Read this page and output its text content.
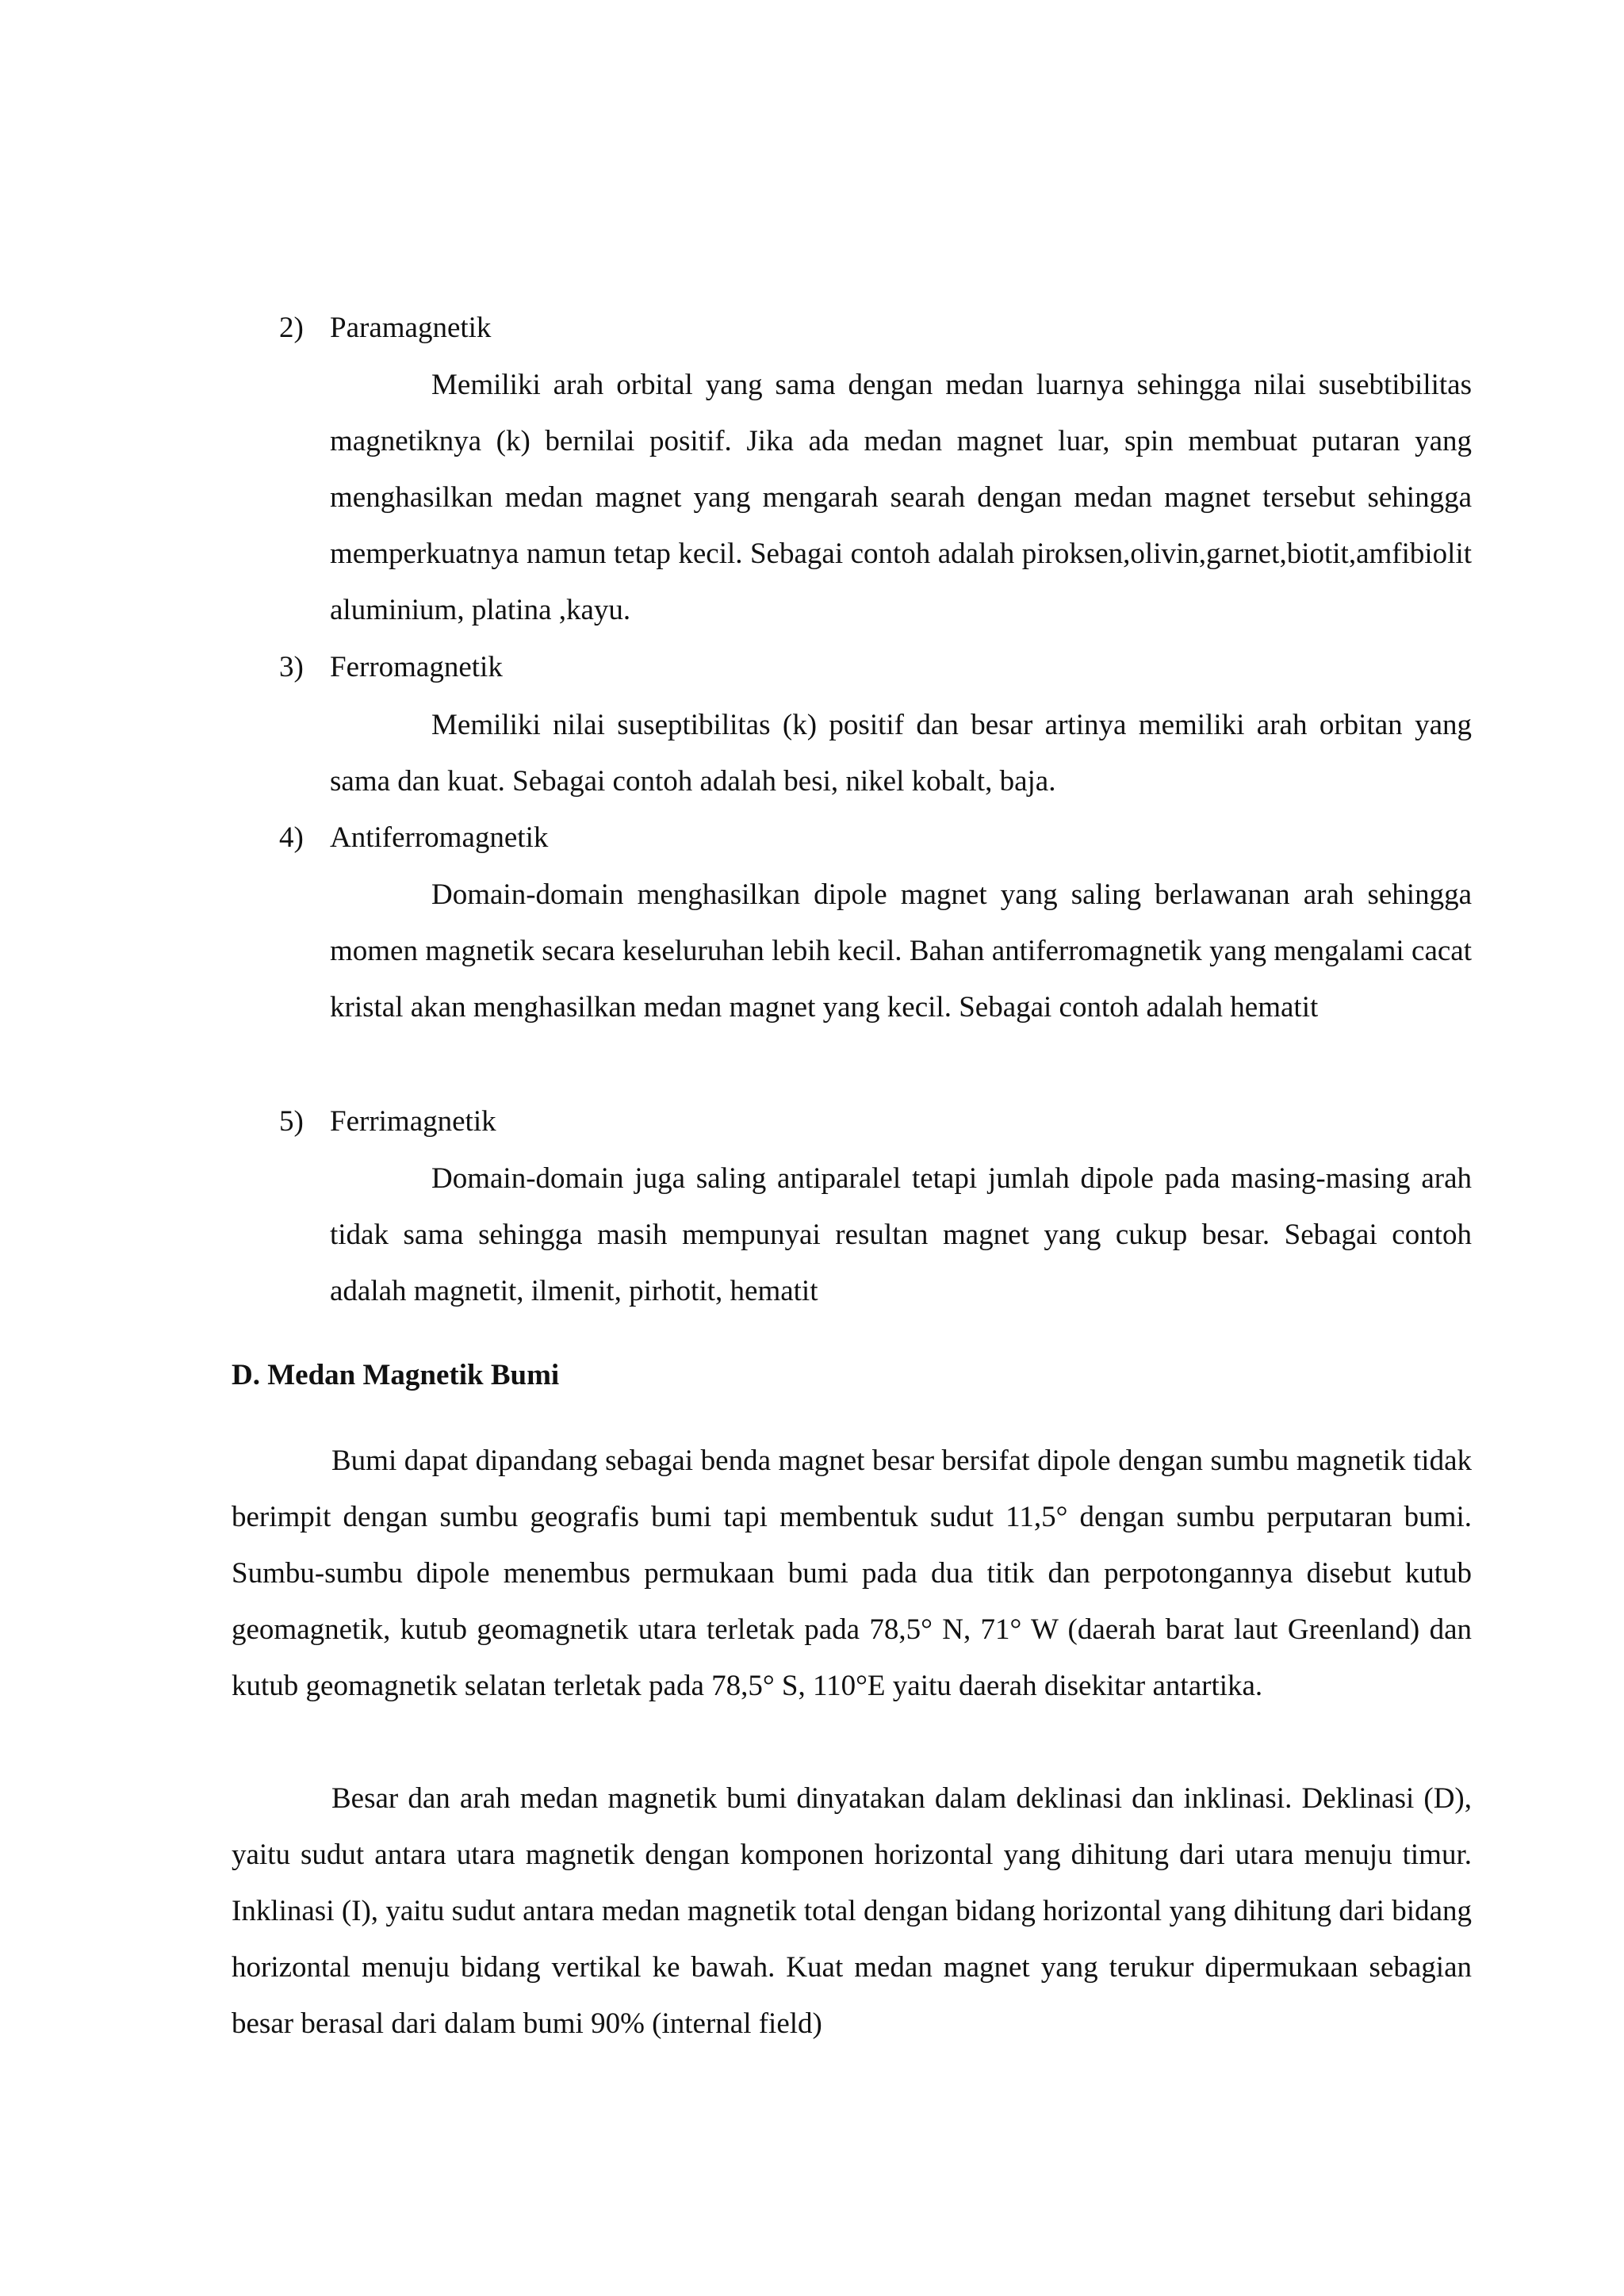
2) Paramagnetik

Memiliki arah orbital yang sama dengan medan luarnya sehingga nilai susebtibilitas magnetiknya (k) bernilai positif. Jika ada medan magnet luar, spin membuat putaran yang menghasilkan medan magnet yang mengarah searah dengan medan magnet tersebut sehingga memperkuatnya namun tetap kecil. Sebagai contoh adalah piroksen,olivin,garnet,biotit,amfibiolit aluminium, platina ,kayu.

3) Ferromagnetik

Memiliki nilai suseptibilitas (k) positif dan besar artinya memiliki arah orbitan yang sama dan kuat. Sebagai contoh adalah besi, nikel kobalt, baja.

4) Antiferromagnetik

Domain-domain menghasilkan dipole magnet yang saling berlawanan arah sehingga momen magnetik secara keseluruhan lebih kecil. Bahan antiferromagnetik yang mengalami cacat kristal akan menghasilkan medan magnet yang kecil. Sebagai contoh adalah hematit

5) Ferrimagnetik

Domain-domain juga saling antiparalel tetapi jumlah dipole pada masing-masing arah tidak sama sehingga masih mempunyai resultan magnet yang cukup besar. Sebagai contoh adalah magnetit, ilmenit, pirhotit, hematit

D. Medan Magnetik Bumi

Bumi dapat dipandang sebagai benda magnet besar bersifat dipole dengan sumbu magnetik tidak berimpit dengan sumbu geografis bumi tapi membentuk sudut 11,5° dengan sumbu perputaran bumi. Sumbu-sumbu dipole menembus permukaan bumi pada dua titik dan perpotongannya disebut kutub geomagnetik, kutub geomagnetik utara terletak pada 78,5° N, 71° W (daerah barat laut Greenland) dan kutub geomagnetik selatan terletak pada 78,5° S, 110°E yaitu daerah disekitar antartika.

Besar dan arah medan magnetik bumi dinyatakan dalam deklinasi dan inklinasi. Deklinasi (D), yaitu sudut antara utara magnetik dengan komponen horizontal yang dihitung dari utara menuju timur. Inklinasi (I), yaitu sudut antara medan magnetik total dengan bidang horizontal yang dihitung dari bidang horizontal menuju bidang vertikal ke bawah. Kuat medan magnet yang terukur dipermukaan sebagian besar berasal dari dalam bumi 90% (internal field)
